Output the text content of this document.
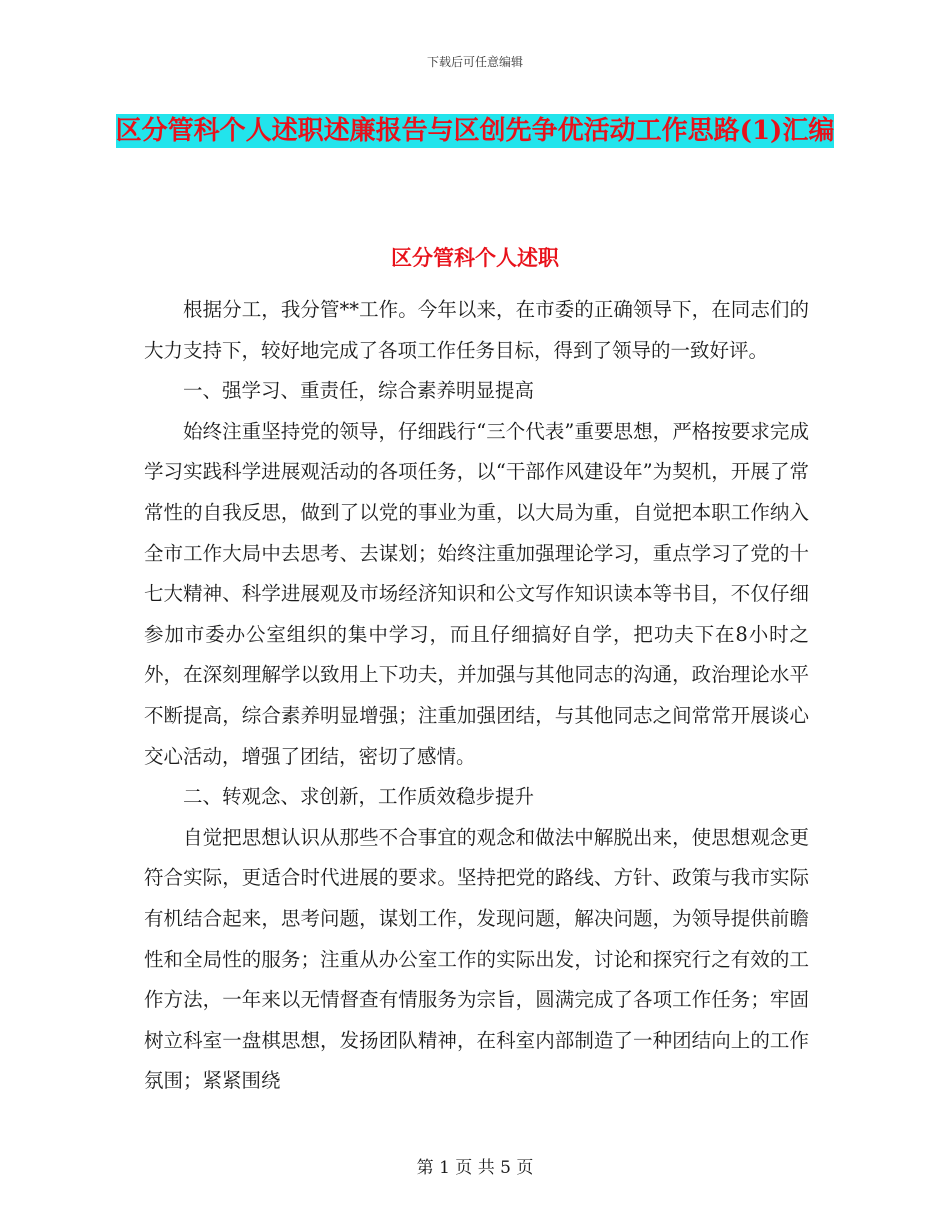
下载后可任意编辑
区分管科个人述职述廉报告与区创先争优活动工作思路(1)汇编
区分管科个人述职

根据分工，我分管**工作。今年以来，在市委的正确领导下，在同志们的大力支持下，较好地完成了各项工作任务目标，得到了领导的一致好评。

一、强学习、重责任，综合素养明显提高

始终注重坚持党的领导，仔细践行“三个代表”重要思想，严格按要求完成学习实践科学进展观活动的各项任务，以“干部作风建设年”为契机，开展了常常性的自我反思，做到了以党的事业为重，以大局为重，自觉把本职工作纳入全市工作大局中去思考、去谋划；始终注重加强理论学习，重点学习了党的十七大精神、科学进展观及市场经济知识和公文写作知识读本等书目，不仅仔细参加市委办公室组织的集中学习，而且仔细搞好自学，把功夫下在8小时之外，在深刻理解学以致用上下功夫，并加强与其他同志的沟通，政治理论水平不断提高，综合素养明显增强；注重加强团结，与其他同志之间常常开展谈心交心活动，增强了团结，密切了感情。

二、转观念、求创新，工作质效稳步提升

自觉把思想认识从那些不合事宜的观念和做法中解脱出来，使思想观念更符合实际，更适合时代进展的要求。坚持把党的路线、方针、政策与我市实际有机结合起来，思考问题，谋划工作，发现问题，解决问题，为领导提供前瞻性和全局性的服务；注重从办公室工作的实际出发，讨论和探究行之有效的工作方法，一年来以无情督查有情服务为宗旨，圆满完成了各项工作任务；牢固树立科室一盘棋思想，发扬团队精神，在科室内部制造了一种团结向上的工作氛围；紧紧围绕

第 1 页 共 5 页
